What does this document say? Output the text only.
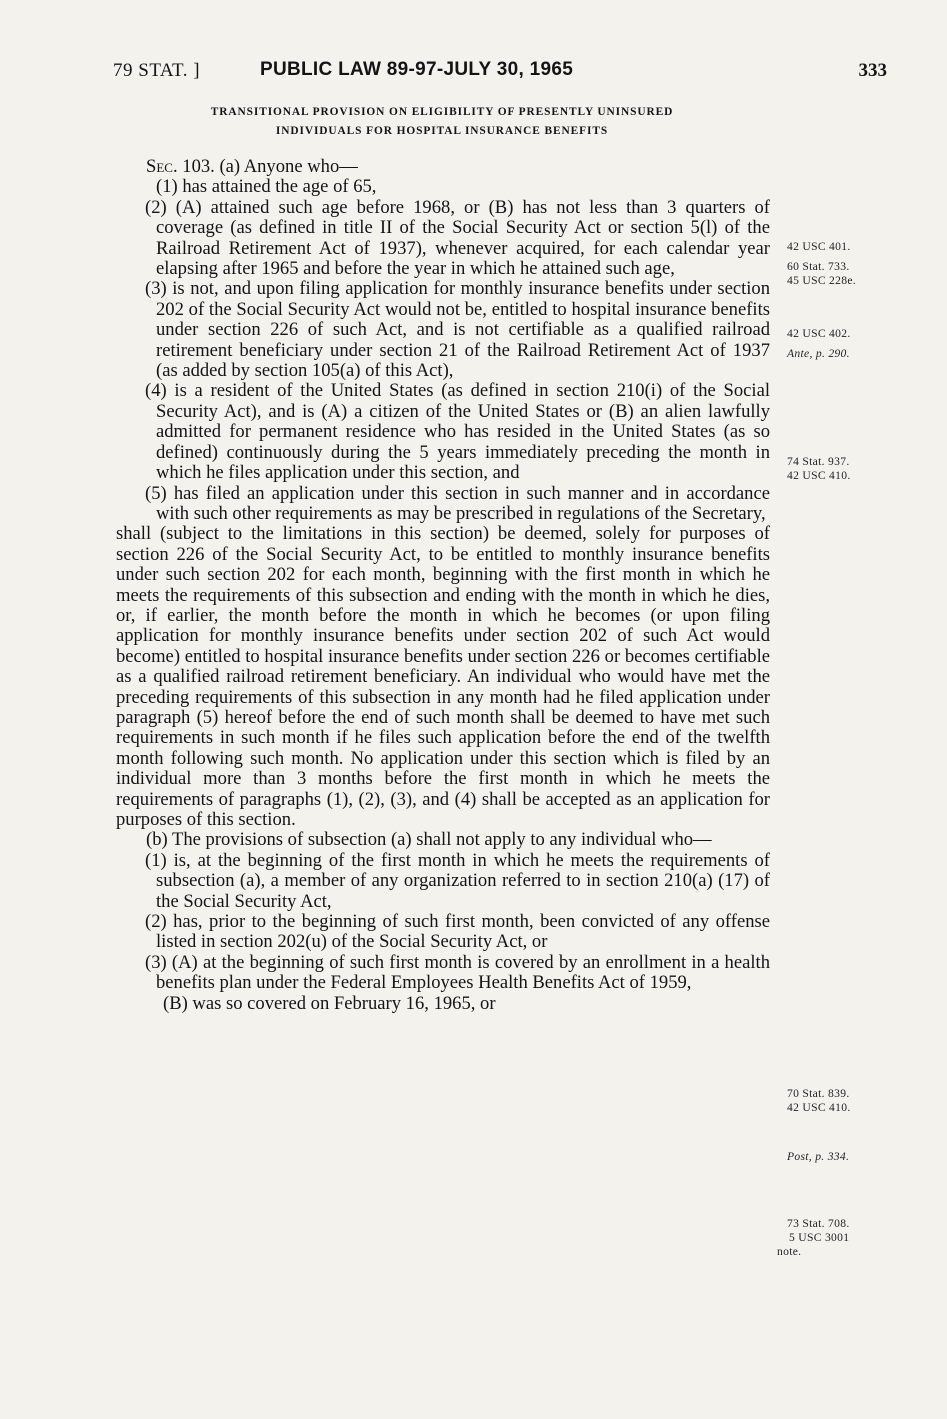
79 STAT. ]	PUBLIC LAW 89-97-JULY 30, 1965	333
TRANSITIONAL PROVISION ON ELIGIBILITY OF PRESENTLY UNINSURED
INDIVIDUALS FOR HOSPITAL INSURANCE BENEFITS

Sec. 103. (a) Anyone who—

(1) has attained the age of 65,

(2) (A) attained such age before 1968, or (B) has not less than 3 quarters of coverage (as defined in title II of the Social Security Act or section 5(l) of the Railroad Retirement Act of 1937), whenever acquired, for each calendar year elapsing after 1965 and before the year in which he attained such age,

(3) is not, and upon filing application for monthly insurance benefits under section 202 of the Social Security Act would not be, entitled to hospital insurance benefits under section 226 of such Act, and is not certifiable as a qualified railroad retirement beneficiary under section 21 of the Railroad Retirement Act of 1937 (as added by section 105(a) of this Act),

(4) is a resident of the United States (as defined in section 210(i) of the Social Security Act), and is (A) a citizen of the United States or (B) an alien lawfully admitted for permanent residence who has resided in the United States (as so defined) continuously during the 5 years immediately preceding the month in which he files application under this section, and

(5) has filed an application under this section in such manner and in accordance with such other requirements as may be prescribed in regulations of the Secretary,

shall (subject to the limitations in this section) be deemed, solely for purposes of section 226 of the Social Security Act, to be entitled to monthly insurance benefits under such section 202 for each month, beginning with the first month in which he meets the requirements of this subsection and ending with the month in which he dies, or, if earlier, the month before the month in which he becomes (or upon filing application for monthly insurance benefits under section 202 of such Act would become) entitled to hospital insurance benefits under section 226 or becomes certifiable as a qualified railroad retirement beneficiary. An individual who would have met the preceding requirements of this subsection in any month had he filed application under paragraph (5) hereof before the end of such month shall be deemed to have met such requirements in such month if he files such application before the end of the twelfth month following such month. No application under this section which is filed by an individual more than 3 months before the first month in which he meets the requirements of paragraphs (1), (2), (3), and (4) shall be accepted as an application for purposes of this section.

(b) The provisions of subsection (a) shall not apply to any individual who—

(1) is, at the beginning of the first month in which he meets the requirements of subsection (a), a member of any organization referred to in section 210(a) (17) of the Social Security Act,

(2) has, prior to the beginning of such first month, been convicted of any offense listed in section 202(u) of the Social Security Act, or

(3) (A) at the beginning of such first month is covered by an enrollment in a health benefits plan under the Federal Employees Health Benefits Act of 1959,

(B) was so covered on February 16, 1965, or

42 USC 401.
60 Stat. 733.
45 USC 228e.
42 USC 402.
Ante, p. 290.
74 Stat. 937.
42 USC 410.
70 Stat. 839.
42 USC 410.
Post, p. 334.
73 Stat. 708.
5 USC 3001
note.
